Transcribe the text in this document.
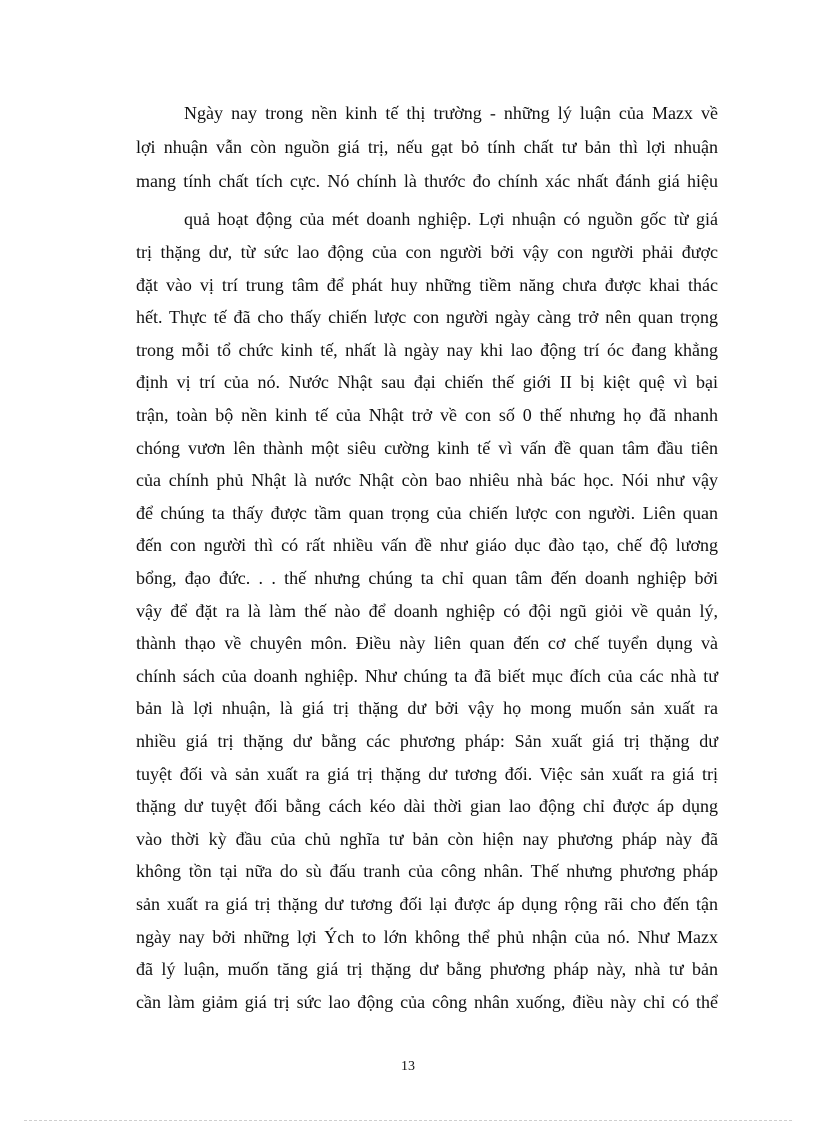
Ngày nay trong nền kinh tế thị trường - những lý luận của Mazx về
lợi nhuận vẫn còn nguồn giá trị, nếu gạt bỏ tính chất tư bản thì lợi nhuận
mang tính chất tích cực. Nó chính là thước đo chính xác nhất đánh giá hiệu
quả hoạt động của mét doanh nghiệp. Lợi nhuận có nguồn gốc từ giá
trị thặng dư, từ sức lao động của con người bởi vậy con người phải được
đặt vào vị trí trung tâm để phát huy những tiềm năng chưa được khai thác
hết. Thực tế đã cho thấy chiến lược con người ngày càng trở nên quan trọng
trong mỗi tổ chức kinh tế, nhất là ngày nay khi lao động trí óc đang khẳng
định vị trí của nó. Nước Nhật sau đại chiến thế giới II bị kiệt quệ vì bại
trận, toàn bộ nền kinh tế của Nhật trở về con số 0 thế nhưng họ đã nhanh
chóng vươn lên thành một siêu cường kinh tế vì vấn đề quan tâm đầu tiên
của chính phủ Nhật là nước Nhật còn bao nhiêu nhà bác học. Nói như vậy
để chúng ta thấy được tầm quan trọng của chiến lược con người. Liên quan
đến con người thì có rất nhiều vấn đề như giáo dục đào tạo, chế độ lương
bổng, đạo đức. . . thế nhưng chúng ta chỉ quan tâm đến doanh nghiệp bởi
vậy để đặt ra là làm thế nào để doanh nghiệp có đội ngũ giỏi về quản lý,
thành thạo về chuyên môn. Điều này liên quan đến cơ chế tuyển dụng và
chính sách của doanh nghiệp. Như chúng ta đã biết mục đích của các nhà tư
bản là lợi nhuận, là giá trị thặng dư bởi vậy họ mong muốn sản xuất ra
nhiều giá trị thặng dư bằng các phương pháp: Sản xuất giá trị thặng dư
tuyệt đối và sản xuất ra giá trị thặng dư tương đối. Việc sản xuất ra giá trị
thặng dư tuyệt đối bằng cách kéo dài thời gian lao động chỉ được áp dụng
vào thời kỳ đầu của chủ nghĩa tư bản còn hiện nay phương pháp này đã
không tồn tại nữa do sù đấu tranh của công nhân. Thế nhưng phương pháp
sản xuất ra giá trị thặng dư tương đối lại được áp dụng rộng rãi cho đến tận
ngày nay bởi những lợi Ých to lớn không thể phủ nhận của nó. Như Mazx
đã lý luận, muốn tăng giá trị thặng dư bằng phương pháp này, nhà tư bản
cần làm giảm giá trị sức lao động của công nhân xuống, điều này chỉ có thể
13
